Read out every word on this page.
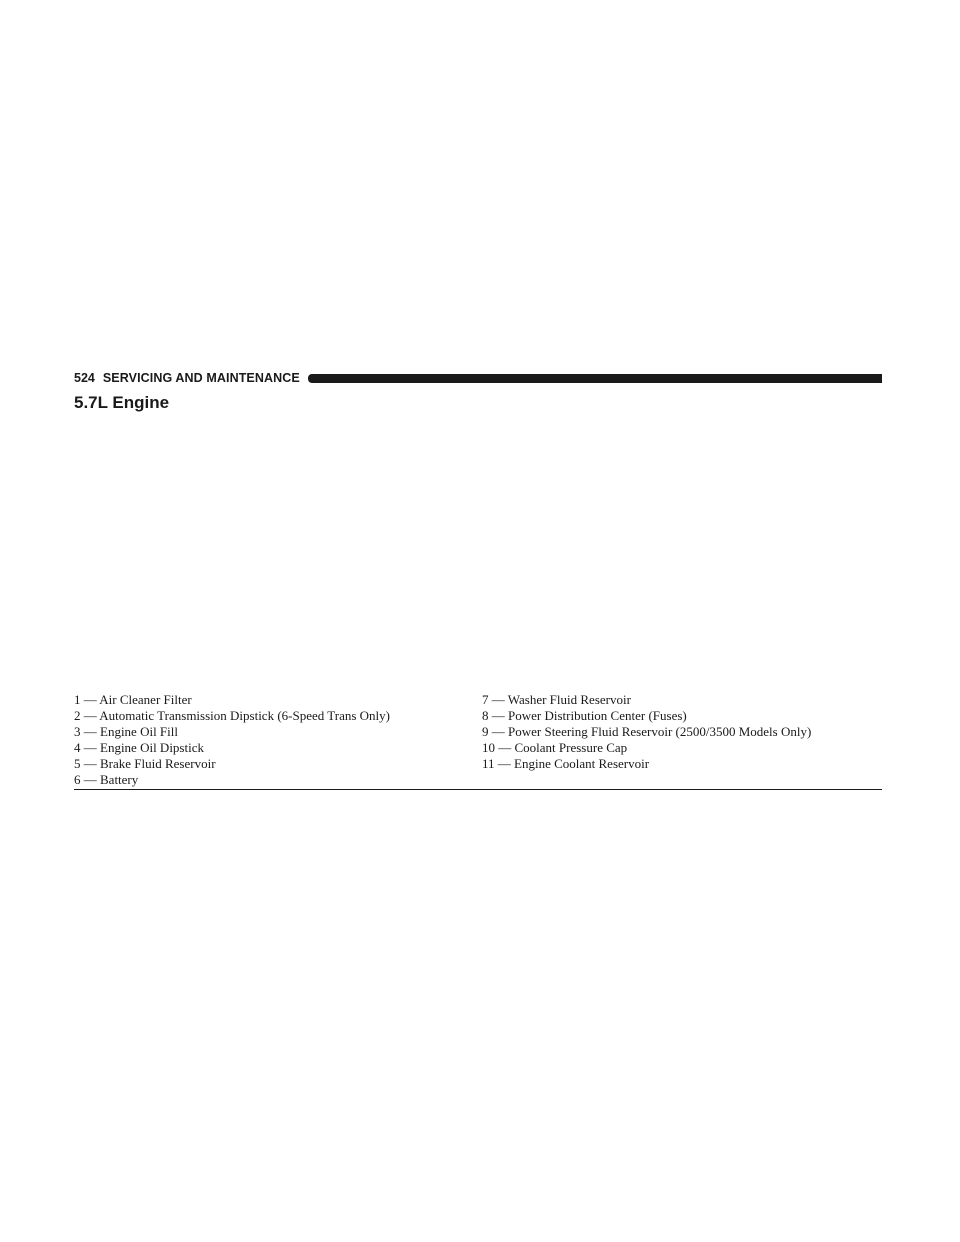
524 SERVICING AND MAINTENANCE
5.7L Engine
1 — Air Cleaner Filter
2 — Automatic Transmission Dipstick (6-Speed Trans Only)
3 — Engine Oil Fill
4 — Engine Oil Dipstick
5 — Brake Fluid Reservoir
6 — Battery
7 — Washer Fluid Reservoir
8 — Power Distribution Center (Fuses)
9 — Power Steering Fluid Reservoir (2500/3500 Models Only)
10 — Coolant Pressure Cap
11 — Engine Coolant Reservoir
